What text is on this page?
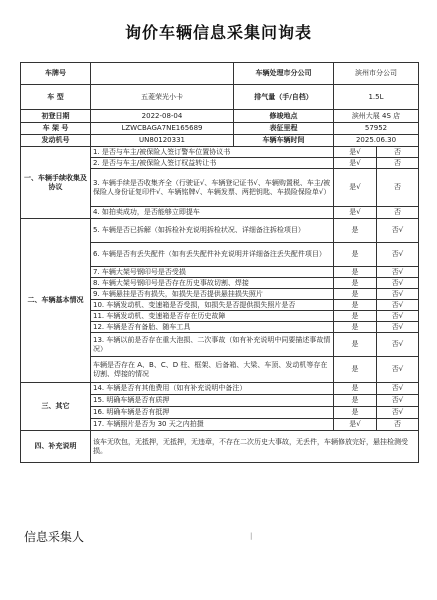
询价车辆信息采集问询表
车牌号		车辆处理市分公司	滨州市分公司	
车 型	五菱荣光小卡	排气量（手/自档）	1.5L	
初登日期	2022-08-04	修竣地点	滨州大展 4S 店	
车 架 号	LZWCBAGA7NE165689	表征里程	57952	
发动机号	UN80120331	车辆车辆时间	2025.06.30	
一、车辆手续收集及协议	1. 是否与车主/被保险人签订警车位置协议书		是√	否
	2. 是否与车主/被保险人签订权益转让书		是√	否
	3. 车辆手续是否收集齐全（行驶证√、车辆登记证书√、车辆购置税、车主/被保险人身份证复印件√、车辆铭牌√、车辆发票、两把钥匙、车损险保险单√）		是√	否
	4. 如拍卖成功，是否能够立即提车		是√	否
二、车辆基本情况	5. 车辆是否已拆解（如拆检补充说明拆检状况、详细备注拆检项目）		是	否√
	6. 车辆是否有丢失配件（如有丢失配件补充说明并详细备注丢失配件项目）		是	否√
	7. 车辆大架号钢印号是否受损		是	否√
	8. 车辆大架号钢印号是否存在历史事故切割、焊接		是	否√
	9. 车辆悬挂是否有损失，如损失是否提供悬挂损失照片		是	否√
	10. 车辆发动机、变速箱是否受损，如损失是否提供损失照片是否		是	否√
	11. 车辆发动机、变速箱是否存在历史故障		是	否√
	12. 车辆是否有备胎、随车工具		是	否√
	13. 车辆以前是否存在重大泡损、二次事故（如有补充说明中同要描述事故情况）		是	否√
	车辆是否存在 A、B、C、D 柱、框架、后备箱、大梁、车顶、发动机等存在切割、焊接的情况		是	否√
三、其它	14. 车辆是否有其他费用（如有补充说明中备注）		是	否√
	15. 明确车辆是否有质押		是	否√
	16. 明确车辆是否有抵押		是	否√
	17. 车辆照片是否为 30 天之内拍摄		是√	否
四、补充说明	该车无吹包，无抵押，无抵押，无违章，不存在二次历史大事故，无丢件，车辆修放完好，悬挂检测受损。			
信息采集人	|
